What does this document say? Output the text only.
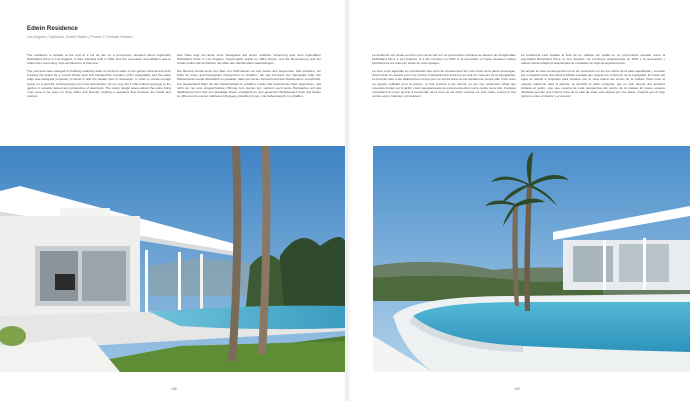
Edwin Residence
Los Angeles, California, United States | Photos © Gerhard Heusch

The residence is located at the end of a cul de sac on a promontory elevated above legendary Mulholland Drive in Los Angeles. It was originally built in 1961 and the renovation and addition was to reflect the mid-century style architecture of that time.

The pad area was enlarged by building retaining walls on all three sides of the garden area and thereby creating the space for a curved infinity pool that followed the contours of the topography and the water edge was designed purposely to blend in with the distant view of downtown. In order to create enough space for a pool the existing living room was demolished, for not only did it offer limited openings to the garden, it certainly lacked any perspective of downtown. The newly design space allows the entire living room area to be open on three sides and thereby creating a seamless flow between the inside and outdoor.

Das Haus liegt am Ende einer Sackgasse auf einem erhöhten Vorsprung über dem legendären Mulholland Drive in Los Angeles. Ursprünglich wurde es 1961 erbaut, und die Renovierung und der Anbau sollten die Architektur der Mitte des Jahrhunderts widerspiegeln.

Der Bereich wurde durch den Bau von Stützmauern an drei Seiten des begrenzten Teils erweitert, um Platz für einen geschwungenen Infinity-Pool zu schaffen, der den Konturen der Topografie folgt. Die Wasserkante wurde absichtlich so gestaltet, dass sie mit der Fernsicht auf das Stadtzentrum verschmilzt. Um ausreichend Platz für das Schwimmbad zu schaffen, wurde das bestehende Haus abgerissen, das nicht nur nur eine eingeschränkte Öffnung zum Garten bot, sondern auch keine Perspektive auf das Stadtzentrum bot. Der neu gestaltete Raum ermöglicht es, den gesamten Wohnbereich nach drei Seiten zu öffnen und so einen nahtlosen Übergang zwischen Innen- und Außenbereich zu schaffen.

La résidence est située au bout d'un cul-de-sac sur un promontoire surélevé au-dessus de la légendaire Mulholland Drive à Los Angeles. À a été construit en 1961 et la rénovation et l'ajout devaient refléter l'architecture du milieu du siècle de cette époque.

La zone a été agrandie en construisant des murs de soutènement sur trois côtés de la partie aménagée, créant ainsi un espace pour une piscine à débordement incurvée qui suit les contours de la topographie. Le bord de l'eau a été délibérément conçu pour se fondre dans la vue lointaine du centre-ville. Pour créer un espace suffisant pour la piscine, le hall existant a été démoli, ce qui non seulement offrait une ouverture limitée sur le jardin, mais manquait aussi de toute perspective sur le centre de la ville. L'espace nouvellement conçu permet à l'ensemble de la zone de vie d'être ouverte sur trois côtés, créant un flux continu entre l'intérieur et l'extérieur.

La residencia está situada al final de un callejón sin salida en un promontorio elevado sobre la legendaria Mulholland Drive en Los Ángeles. Se construyó originalmente en 1961 y la renovación y adición debía reflejar la arquitectura de mediados de siglo de aquella época.

Se amplió la zona construyendo muros de contención en los tres lados de la parte ajardinada y creando así el espacio para una piscina infinita curvada que seguía los contornos de la topografía. El borde del agua se diseñó a propósito para fundirse con la vista lejana del centro de la ciudad. Para crear el espacio suficiente para la piscina, se demolió el salón existente, que no sólo ofrecía una apertura limitada al jardín, sino que carecía de toda perspectiva del centro de la ciudad. El nuevo espacio diseñado permite que toda la zona de la sala de estar esté abierta por tres lados, creando así un flujo perfecto entre el interior y el exterior.

158	159
